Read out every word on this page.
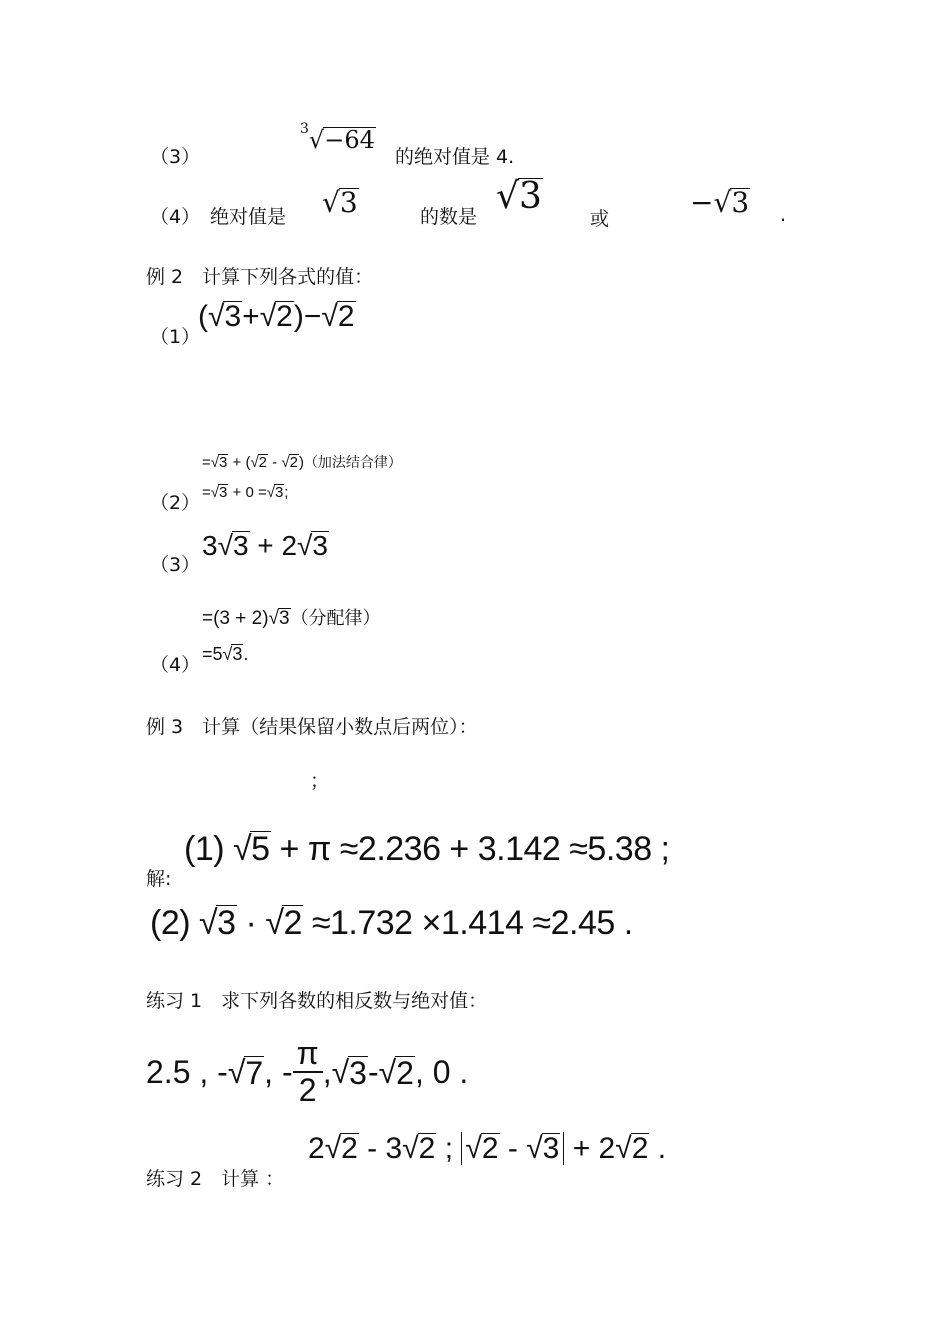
（3）
$^3$√−64
的绝对值是 4.
（4） 绝对值是 √3	的数是 √3
或	−√3 .
例 2　计算下列各式的值：
（1）
(√3+√2)−√2
=√3 + (√2 - √2)（加法结合律）
（2） =√3 + 0 =√3;
（3）
3√3 + 2√3
=(3 + 2)√3（分配律）
（4） =5√3.
例 3　计算（结果保留小数点后两位）：
；
解:
(1) √5 + π ≈2.236 + 3.142 ≈5.38 ;
(2) √3 · √2 ≈1.732 ×1.414 ≈2.45 .
练习 1　求下列各数的相反数与绝对值：
2.5 , - √ 7 , - $\frac{\pi}{2}$ , √ 3 - √ 2 , 0 .
练习 2　计算 ：
2√2 - 3√2 ; √2 - √3 + 2√2 .
